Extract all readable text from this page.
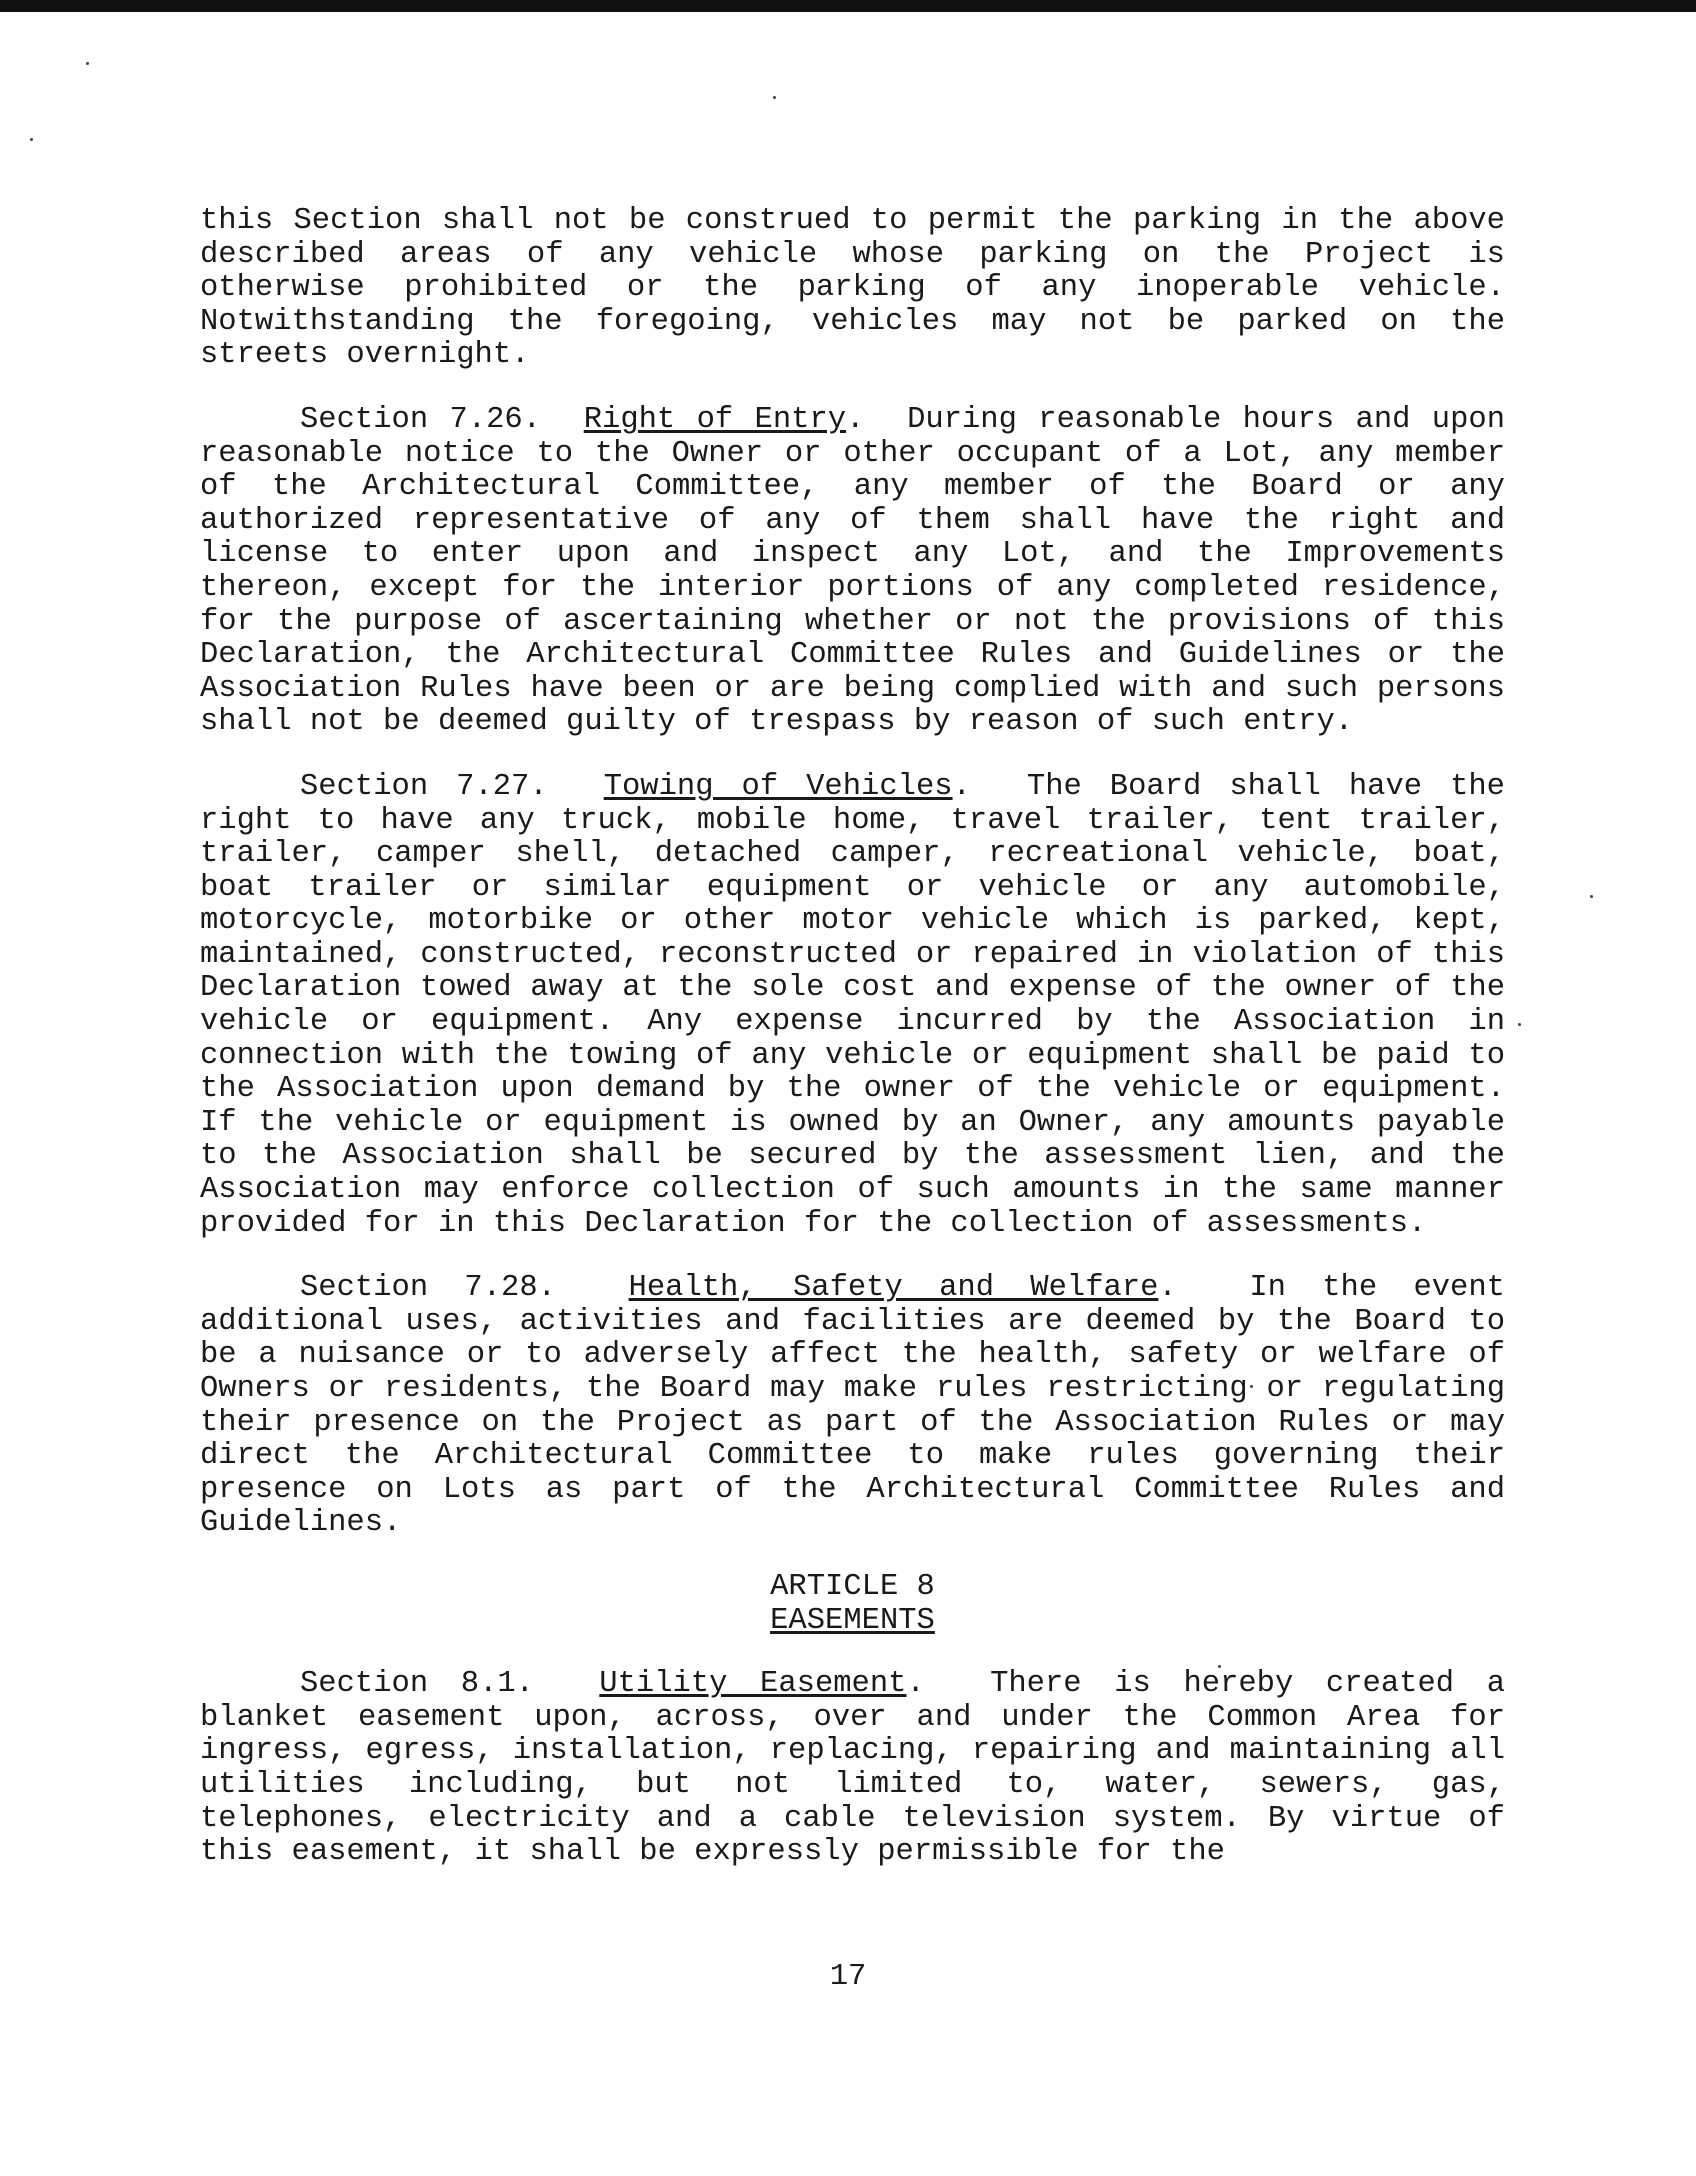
this Section shall not be construed to permit the parking in the above described areas of any vehicle whose parking on the Project is otherwise prohibited or the parking of any inoperable vehicle. Notwithstanding the foregoing, vehicles may not be parked on the streets overnight.

Section 7.26. Right of Entry.  During reasonable hours and upon reasonable notice to the Owner or other occupant of a Lot, any member of the Architectural Committee, any member of the Board or any authorized representative of any of them shall have the right and license to enter upon and inspect any Lot, and the Improvements thereon, except for the interior portions of any completed residence, for the purpose of ascertaining whether or not the provisions of this Declaration, the Architectural Committee Rules and Guidelines or the Association Rules have been or are being complied with and such persons shall not be deemed guilty of trespass by reason of such entry.

Section 7.27. Towing of Vehicles.  The Board shall have the right to have any truck, mobile home, travel trailer, tent trailer, trailer, camper shell, detached camper, recreational vehicle, boat, boat trailer or similar equipment or vehicle or any automobile, motorcycle, motorbike or other motor vehicle which is parked, kept, maintained, constructed, reconstructed or repaired in violation of this Declaration towed away at the sole cost and expense of the owner of the vehicle or equipment. Any expense incurred by the Association in connection with the towing of any vehicle or equipment shall be paid to the Association upon demand by the owner of the vehicle or equipment. If the vehicle or equipment is owned by an Owner, any amounts payable to the Association shall be secured by the assessment lien, and the Association may enforce collection of such amounts in the same manner provided for in this Declaration for the collection of assessments.

Section 7.28. Health, Safety and Welfare.  In the event additional uses, activities and facilities are deemed by the Board to be a nuisance or to adversely affect the health, safety or welfare of Owners or residents, the Board may make rules restricting or regulating their presence on the Project as part of the Association Rules or may direct the Architectural Committee to make rules governing their presence on Lots as part of the Architectural Committee Rules and Guidelines.

ARTICLE 8
EASEMENTS

Section 8.1. Utility Easement.  There is hereby created a blanket easement upon, across, over and under the Common Area for ingress, egress, installation, replacing, repairing and maintaining all utilities including, but not limited to, water, sewers, gas, telephones, electricity and a cable television system. By virtue of this easement, it shall be expressly permissible for the

17
